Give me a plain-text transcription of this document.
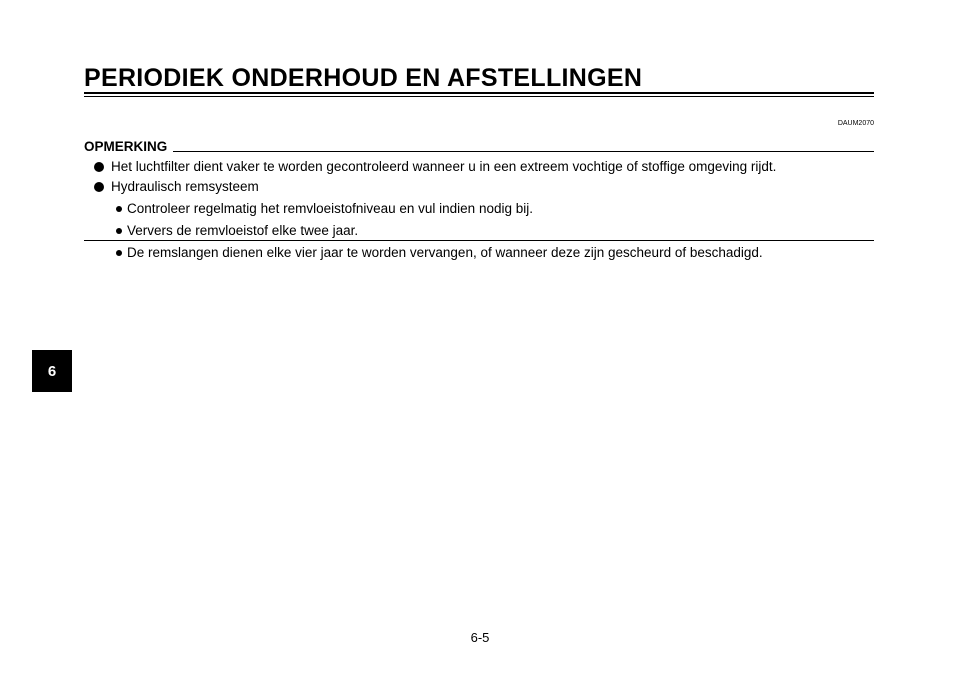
PERIODIEK ONDERHOUD EN AFSTELLINGEN
DAUM2070
OPMERKING
Het luchtfilter dient vaker te worden gecontroleerd wanneer u in een extreem vochtige of stoffige omgeving rijdt.
Hydraulisch remsysteem
Controleer regelmatig het remvloeistofniveau en vul indien nodig bij.
Ververs de remvloeistof elke twee jaar.
De remslangen dienen elke vier jaar te worden vervangen, of wanneer deze zijn gescheurd of beschadigd.
6
6-5
